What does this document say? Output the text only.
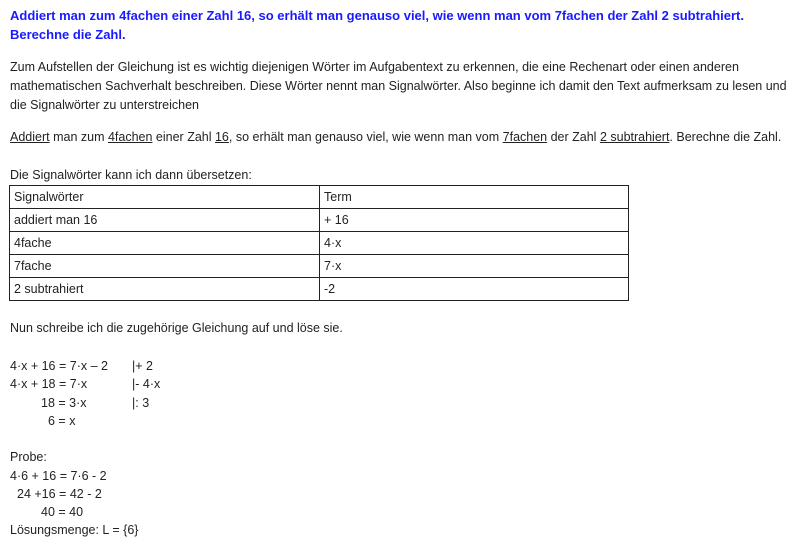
Addiert man zum 4fachen einer Zahl 16, so erhält man genauso viel, wie wenn man vom 7fachen der Zahl 2 subtrahiert. Berechne die Zahl.
Zum Aufstellen der Gleichung ist es wichtig diejenigen Wörter im Aufgabentext zu erkennen, die eine Rechenart oder einen anderen mathematischen Sachverhalt beschreiben. Diese Wörter nennt man Signalwörter. Also beginne ich damit den Text aufmerksam zu lesen und die Signalwörter zu unterstreichen
Addiert man zum 4fachen einer Zahl 16, so erhält man genauso viel, wie wenn man vom 7fachen der Zahl 2 subtrahiert. Berechne die Zahl.
Die Signalwörter kann ich dann übersetzen:
Signalwörter	Term
addiert man 16	+ 16
4fache	4·x
7fache	7·x
2 subtrahiert	-2
Nun schreibe ich die zugehörige Gleichung auf und löse sie.
4·x + 16 = 7·x – 2 |+ 2
4·x + 18 = 7·x	|- 4·x
18 = 3·x	|: 3
6 = x
Probe:
4·6 + 16 = 7·6 - 2
24 +16 = 42 - 2
40 = 40
Lösungsmenge: L = {6}
